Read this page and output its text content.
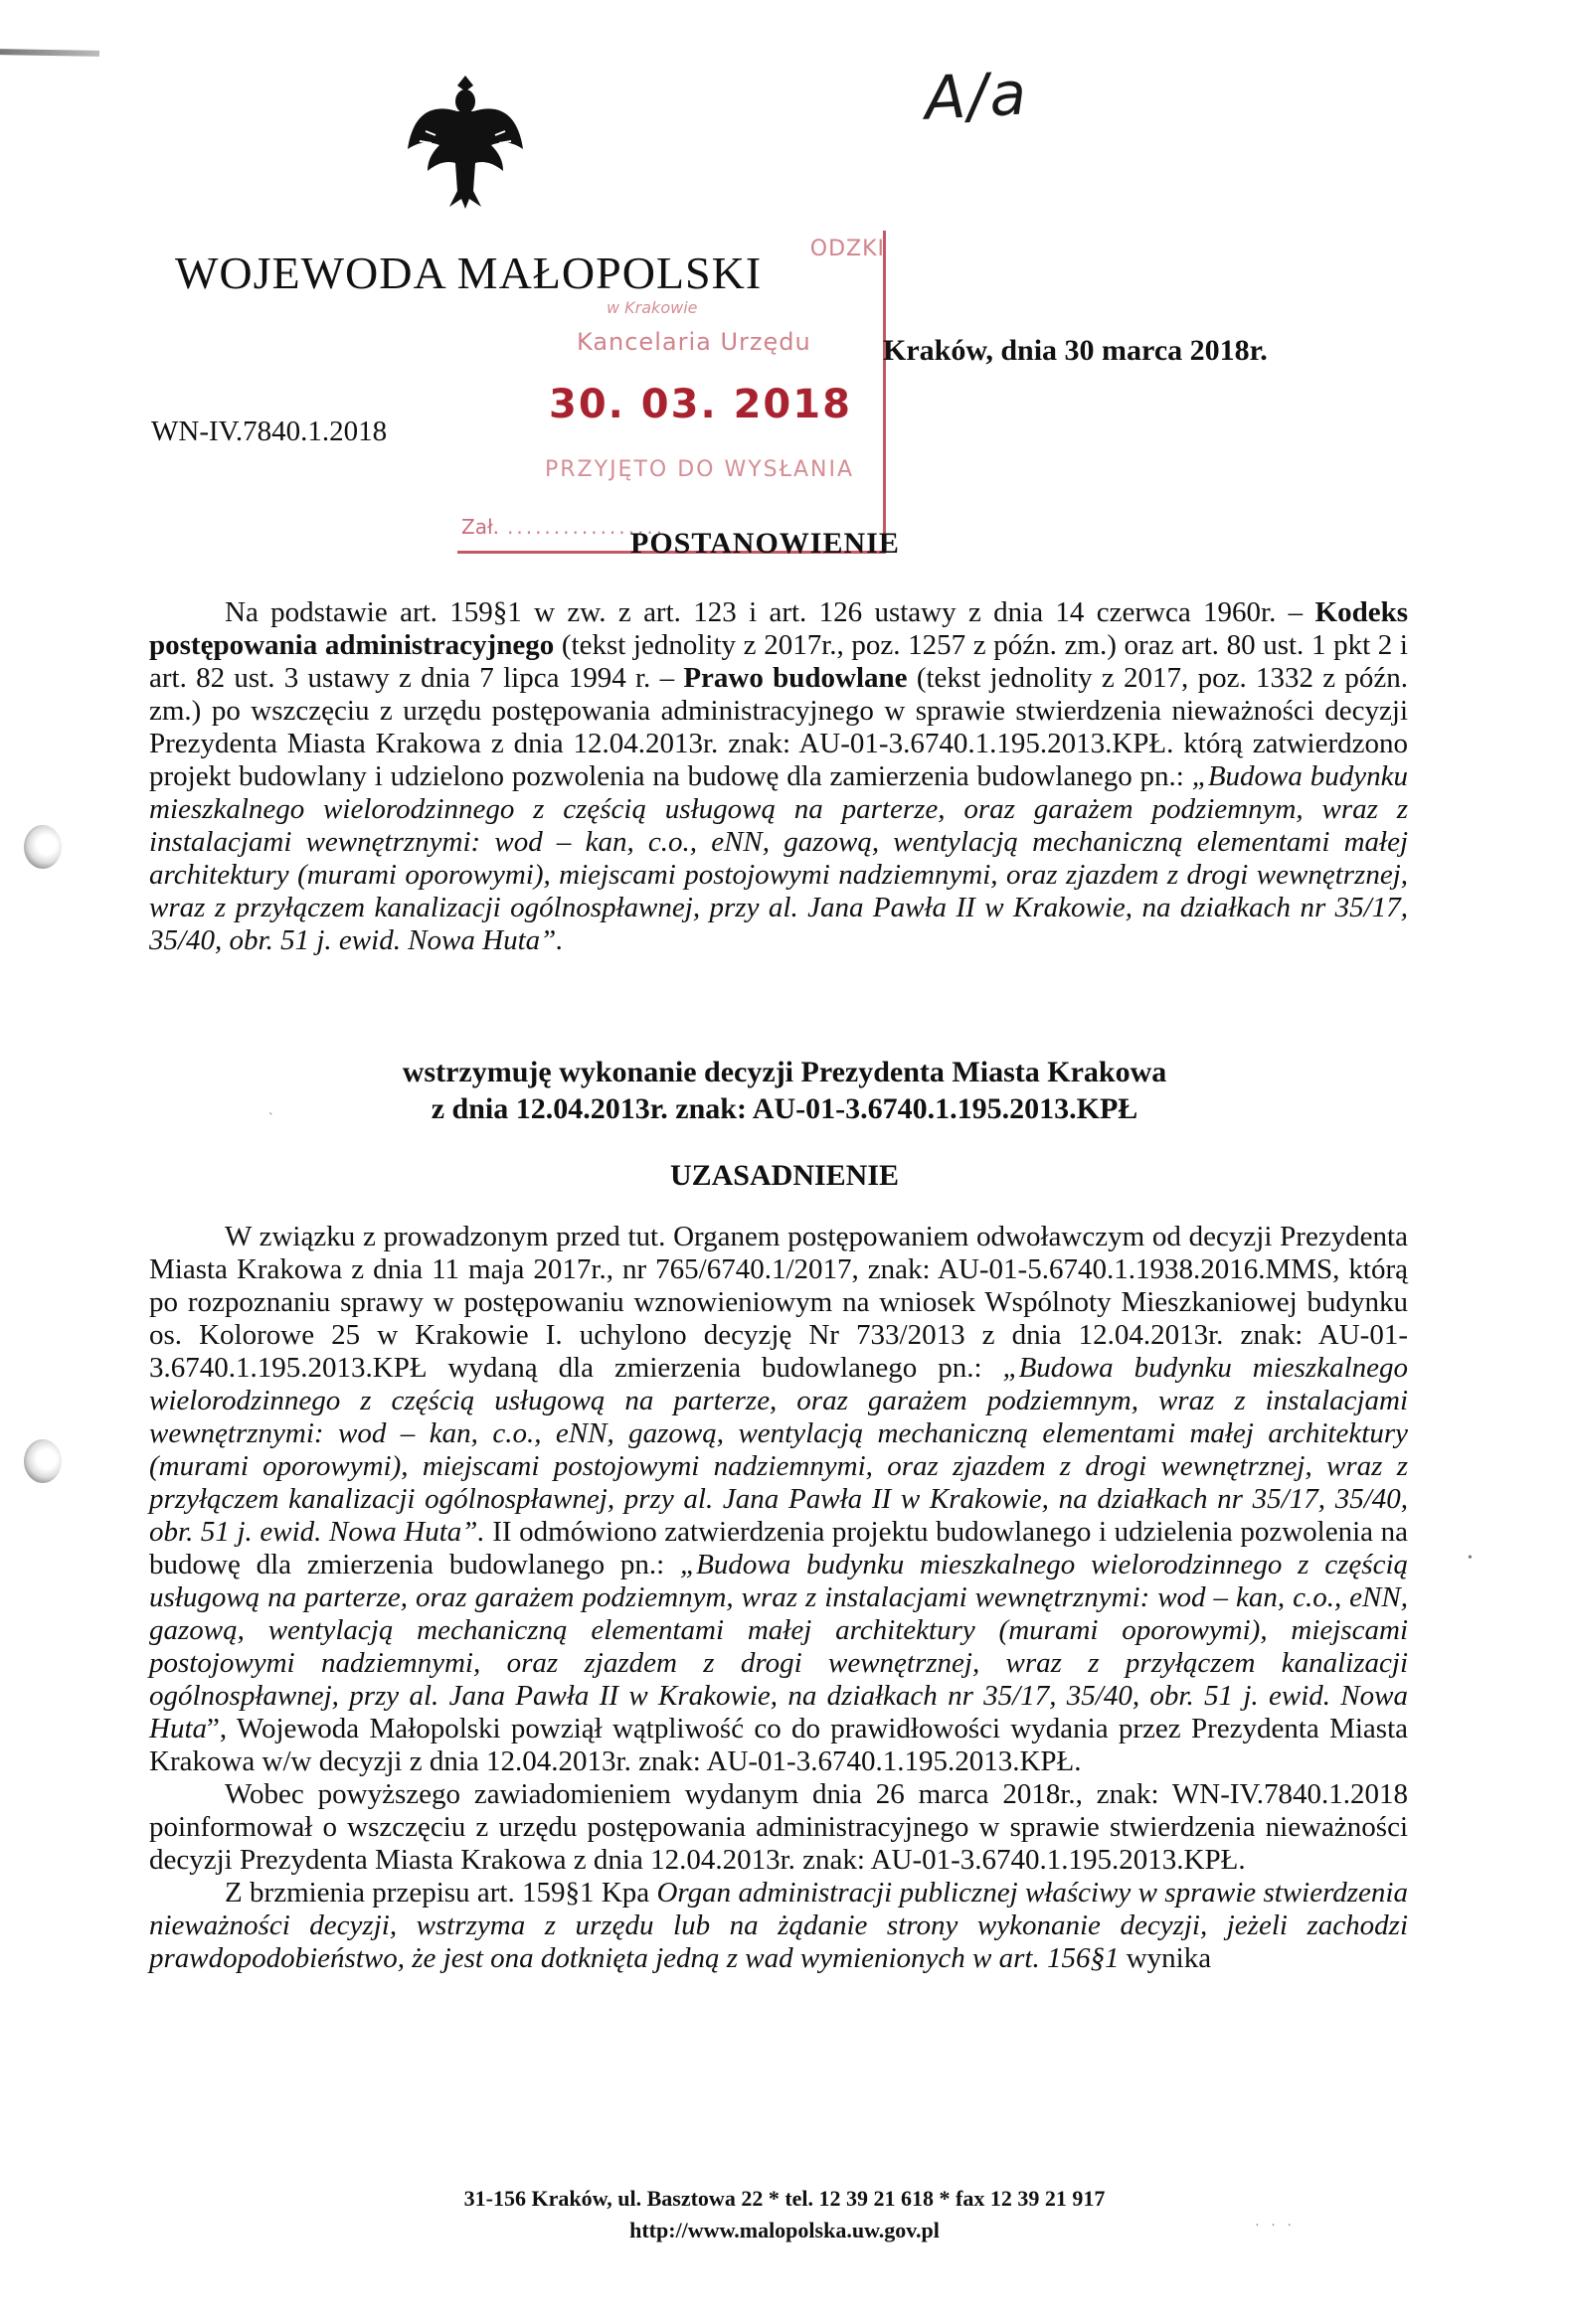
A/a
WOJEWODA MAŁOPOLSKI ODZKI
w Krakowie
Kancelaria Urzędu
30. 03. 2018
PRZYJĘTO DO WYSŁANIA
Zał. .................
Kraków, dnia 30 marca 2018r.
WN-IV.7840.1.2018
POSTANOWIENIE

Na podstawie art. 159§1 w zw. z art. 123 i art. 126 ustawy z dnia 14 czerwca 1960r. – Kodeks postępowania administracyjnego (tekst jednolity z 2017r., poz. 1257 z późn. zm.) oraz art. 80 ust. 1 pkt 2 i art. 82 ust. 3 ustawy z dnia 7 lipca 1994 r. – Prawo budowlane (tekst jednolity z 2017, poz. 1332 z późn. zm.) po wszczęciu z urzędu postępowania administracyjnego w sprawie stwierdzenia nieważności decyzji Prezydenta Miasta Krakowa z dnia 12.04.2013r. znak: AU-01-3.6740.1.195.2013.KPŁ. którą zatwierdzono projekt budowlany i udzielono pozwolenia na budowę dla zamierzenia budowlanego pn.: „Budowa budynku mieszkalnego wielorodzinnego z częścią usługową na parterze, oraz garażem podziemnym, wraz z instalacjami wewnętrznymi: wod – kan, c.o., eNN, gazową, wentylacją mechaniczną elementami małej architektury (murami oporowymi), miejscami postojowymi nadziemnymi, oraz zjazdem z drogi wewnętrznej, wraz z przyłączem kanalizacji ogólnospławnej, przy al. Jana Pawła II w Krakowie, na działkach nr 35/17, 35/40, obr. 51 j. ewid. Nowa Huta”.

wstrzymuję wykonanie decyzji Prezydenta Miasta Krakowa
z dnia 12.04.2013r. znak: AU-01-3.6740.1.195.2013.KPŁ
UZASADNIENIE

W związku z prowadzonym przed tut. Organem postępowaniem odwoławczym od decyzji Prezydenta Miasta Krakowa z dnia 11 maja 2017r., nr 765/6740.1/2017, znak: AU-01-5.6740.1.1938.2016.MMS, którą po rozpoznaniu sprawy w postępowaniu wznowieniowym na wniosek Wspólnoty Mieszkaniowej budynku os. Kolorowe 25 w Krakowie I. uchylono decyzję Nr 733/2013 z dnia 12.04.2013r. znak: AU-01-3.6740.1.195.2013.KPŁ wydaną dla zmierzenia budowlanego pn.: „Budowa budynku mieszkalnego wielorodzinnego z częścią usługową na parterze, oraz garażem podziemnym, wraz z instalacjami wewnętrznymi: wod – kan, c.o., eNN, gazową, wentylacją mechaniczną elementami małej architektury (murami oporowymi), miejscami postojowymi nadziemnymi, oraz zjazdem z drogi wewnętrznej, wraz z przyłączem kanalizacji ogólnospławnej, przy al. Jana Pawła II w Krakowie, na działkach nr 35/17, 35/40, obr. 51 j. ewid. Nowa Huta”. II odmówiono zatwierdzenia projektu budowlanego i udzielenia pozwolenia na budowę dla zmierzenia budowlanego pn.: „Budowa budynku mieszkalnego wielorodzinnego z częścią usługową na parterze, oraz garażem podziemnym, wraz z instalacjami wewnętrznymi: wod – kan, c.o., eNN, gazową, wentylacją mechaniczną elementami małej architektury (murami oporowymi), miejscami postojowymi nadziemnymi, oraz zjazdem z drogi wewnętrznej, wraz z przyłączem kanalizacji ogólnospławnej, przy al. Jana Pawła II w Krakowie, na działkach nr 35/17, 35/40, obr. 51 j. ewid. Nowa Huta”, Wojewoda Małopolski powziął wątpliwość co do prawidłowości wydania przez Prezydenta Miasta Krakowa w/w decyzji z dnia 12.04.2013r. znak: AU-01-3.6740.1.195.2013.KPŁ.

Wobec powyższego zawiadomieniem wydanym dnia 26 marca 2018r., znak: WN-IV.7840.1.2018 poinformował o wszczęciu z urzędu postępowania administracyjnego w sprawie stwierdzenia nieważności decyzji Prezydenta Miasta Krakowa z dnia 12.04.2013r. znak: AU-01-3.6740.1.195.2013.KPŁ.

Z brzmienia przepisu art. 159§1 Kpa Organ administracji publicznej właściwy w sprawie stwierdzenia nieważności decyzji, wstrzyma z urzędu lub na żądanie strony wykonanie decyzji, jeżeli zachodzi prawdopodobieństwo, że jest ona dotknięta jedną z wad wymienionych w art. 156§1 wynika

31-156 Kraków, ul. Basztowa 22 * tel. 12 39 21 618 * fax 12 39 21 917
http://www.malopolska.uw.gov.pl	· · ·
•
`
